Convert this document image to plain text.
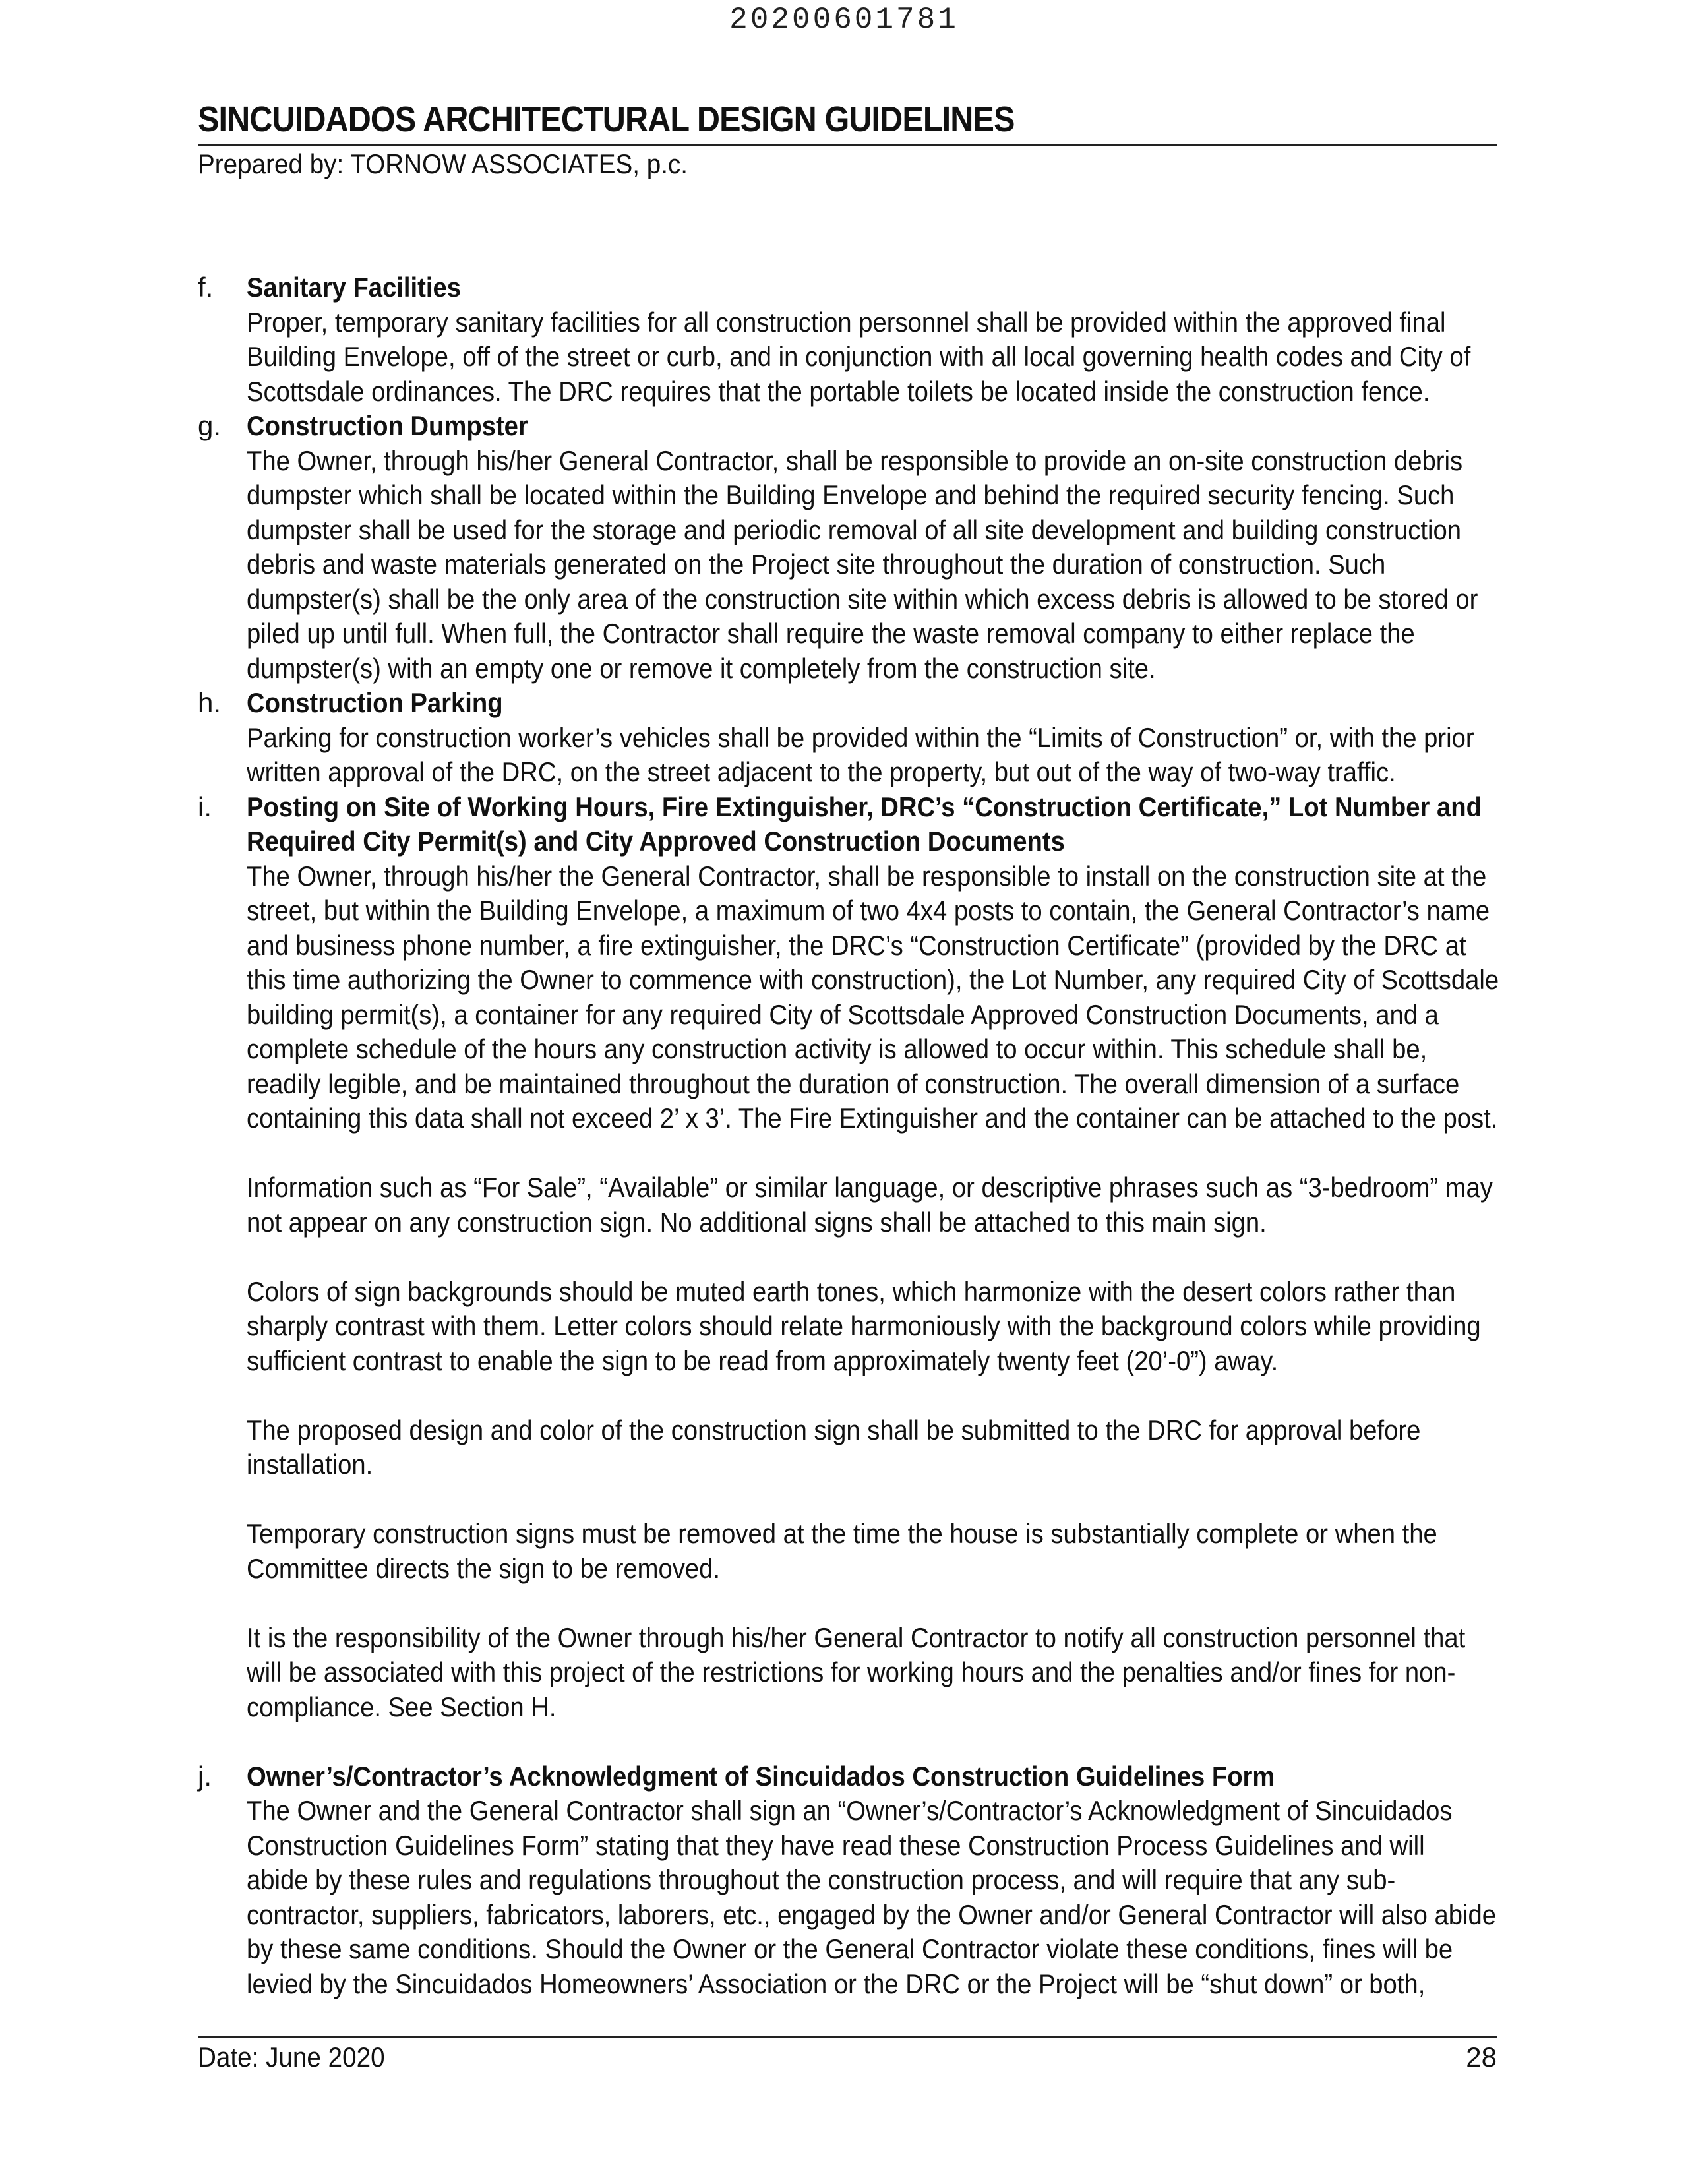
20200601781
SINCUIDADOS ARCHITECTURAL DESIGN GUIDELINES
Prepared by: TORNOW ASSOCIATES, p.c.
f. Sanitary Facilities
Proper, temporary sanitary facilities for all construction personnel shall be provided within the approved final
Building Envelope, off of the street or curb, and in conjunction with all local governing health codes and City of
Scottsdale ordinances. The DRC requires that the portable toilets be located inside the construction fence.
g. Construction Dumpster
The Owner, through his/her General Contractor, shall be responsible to provide an on-site construction debris
dumpster which shall be located within the Building Envelope and behind the required security fencing. Such
dumpster shall be used for the storage and periodic removal of all site development and building construction
debris and waste materials generated on the Project site throughout the duration of construction. Such
dumpster(s) shall be the only area of the construction site within which excess debris is allowed to be stored or
piled up until full. When full, the Contractor shall require the waste removal company to either replace the
dumpster(s) with an empty one or remove it completely from the construction site.
h. Construction Parking
Parking for construction worker’s vehicles shall be provided within the “Limits of Construction” or, with the prior
written approval of the DRC, on the street adjacent to the property, but out of the way of two-way traffic.
i. Posting on Site of Working Hours, Fire Extinguisher, DRC’s “Construction Certificate,” Lot Number and
Required City Permit(s) and City Approved Construction Documents
The Owner, through his/her the General Contractor, shall be responsible to install on the construction site at the
street, but within the Building Envelope, a maximum of two 4x4 posts to contain, the General Contractor’s name
and business phone number, a fire extinguisher, the DRC’s “Construction Certificate” (provided by the DRC at
this time authorizing the Owner to commence with construction), the Lot Number, any required City of Scottsdale
building permit(s), a container for any required City of Scottsdale Approved Construction Documents, and a
complete schedule of the hours any construction activity is allowed to occur within. This schedule shall be,
readily legible, and be maintained throughout the duration of construction. The overall dimension of a surface
containing this data shall not exceed 2’ x 3’. The Fire Extinguisher and the container can be attached to the post.
Information such as “For Sale”, “Available” or similar language, or descriptive phrases such as “3-bedroom” may
not appear on any construction sign. No additional signs shall be attached to this main sign.
Colors of sign backgrounds should be muted earth tones, which harmonize with the desert colors rather than
sharply contrast with them. Letter colors should relate harmoniously with the background colors while providing
sufficient contrast to enable the sign to be read from approximately twenty feet (20’-0”) away.
The proposed design and color of the construction sign shall be submitted to the DRC for approval before
installation.
Temporary construction signs must be removed at the time the house is substantially complete or when the
Committee directs the sign to be removed.
It is the responsibility of the Owner through his/her General Contractor to notify all construction personnel that
will be associated with this project of the restrictions for working hours and the penalties and/or fines for non-
compliance. See Section H.
j. Owner’s/Contractor’s Acknowledgment of Sincuidados Construction Guidelines Form
The Owner and the General Contractor shall sign an “Owner’s/Contractor’s Acknowledgment of Sincuidados
Construction Guidelines Form” stating that they have read these Construction Process Guidelines and will
abide by these rules and regulations throughout the construction process, and will require that any sub-
contractor, suppliers, fabricators, laborers, etc., engaged by the Owner and/or General Contractor will also abide
by these same conditions. Should the Owner or the General Contractor violate these conditions, fines will be
levied by the Sincuidados Homeowners’ Association or the DRC or the Project will be “shut down” or both,
Date: June 2020	28
